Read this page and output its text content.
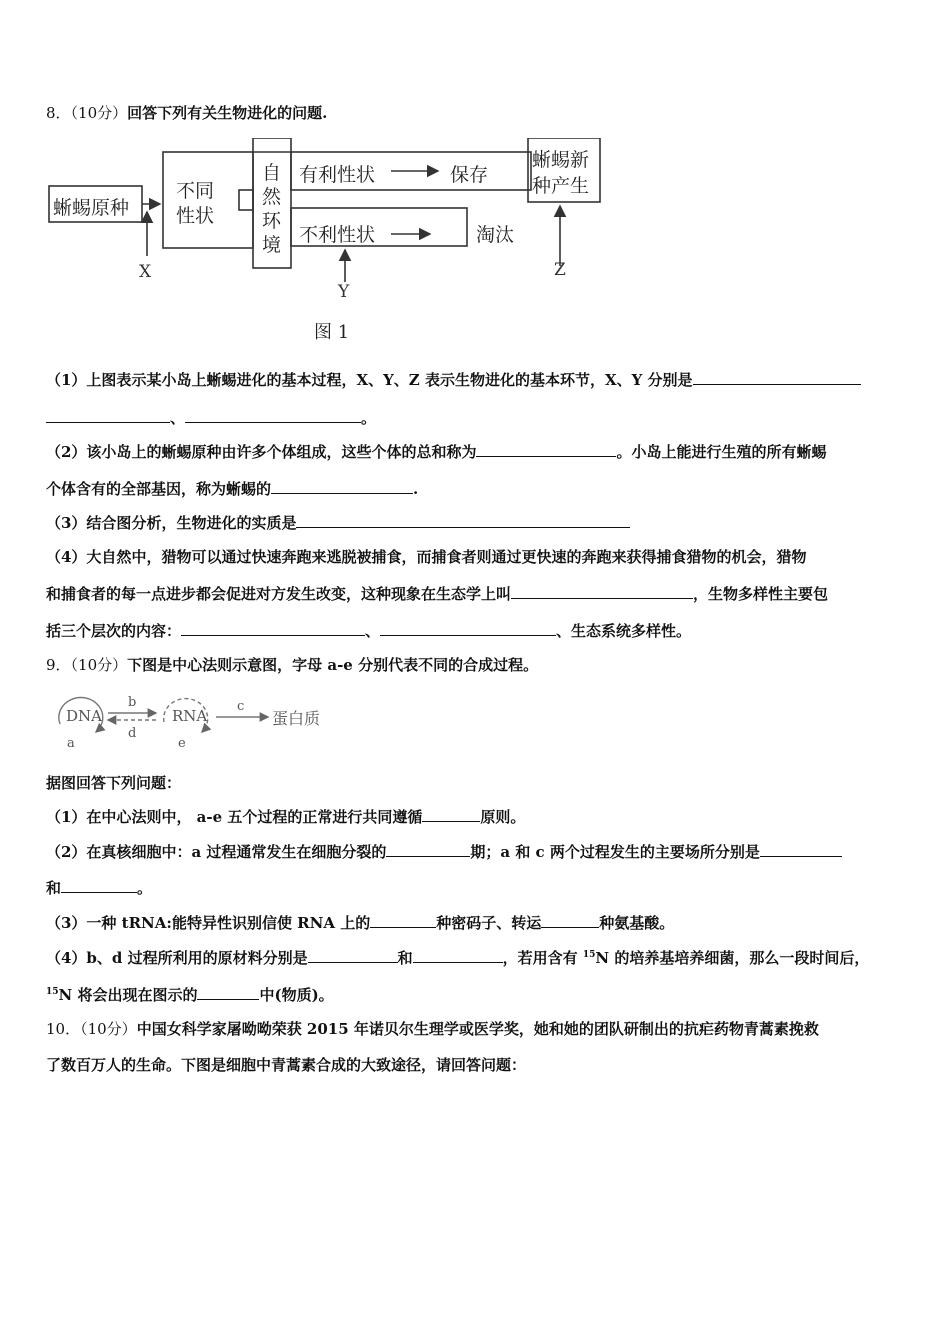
8．（10分）回答下列有关生物进化的问题.
蜥蜴原种
不同
性状
自
然
环
境
有利性状	保存
不利性状	淘汰
蜥蜴新
种产生
X
Y
Z
图 1
（1）上图表示某小岛上蜥蜴进化的基本过程，X、Y、Z 表示生物进化的基本环节，X、Y 分别是
、	。
（2）该小岛上的蜥蜴原种由许多个体组成，这些个体的总和称为	。小岛上能进行生殖的所有蜥蜴
个体含有的全部基因，称为蜥蜴的	.
（3）结合图分析，生物进化的实质是
（4）大自然中，猎物可以通过快速奔跑来逃脱被捕食，而捕食者则通过更快速的奔跑来获得捕食猎物的机会，猎物
和捕食者的每一点进步都会促进对方发生改变，这种现象在生态学上叫	，生物多样性主要包
括三个层次的内容：	、	、生态系统多样性。
9．（10分）下图是中心法则示意图，字母 a-e 分别代表不同的合成过程。
DNA	RNA	蛋白质
a
b	c
d
e
据图回答下列问题：
（1）在中心法则中， a-e 五个过程的正常进行共同遵循	原则。
（2）在真核细胞中：a 过程通常发生在细胞分裂的	期；a 和 c 两个过程发生的主要场所分别是
和	。
（3）一种 tRNA:能特异性识别信使 RNA 上的	种密码子、转运	种氨基酸。
（4）b、d 过程所利用的原材料分别是	和	，若用含有 $^{15}$N 的培养基培养细菌，那么一段时间后，
$^{15}$N 将会出现在图示的	中(物质)。
10．（10分）中国女科学家屠呦呦荣获 2015 年诺贝尔生理学或医学奖，她和她的团队研制出的抗疟药物青蒿素挽救
了数百万人的生命。下图是细胞中青蒿素合成的大致途径，请回答问题：
